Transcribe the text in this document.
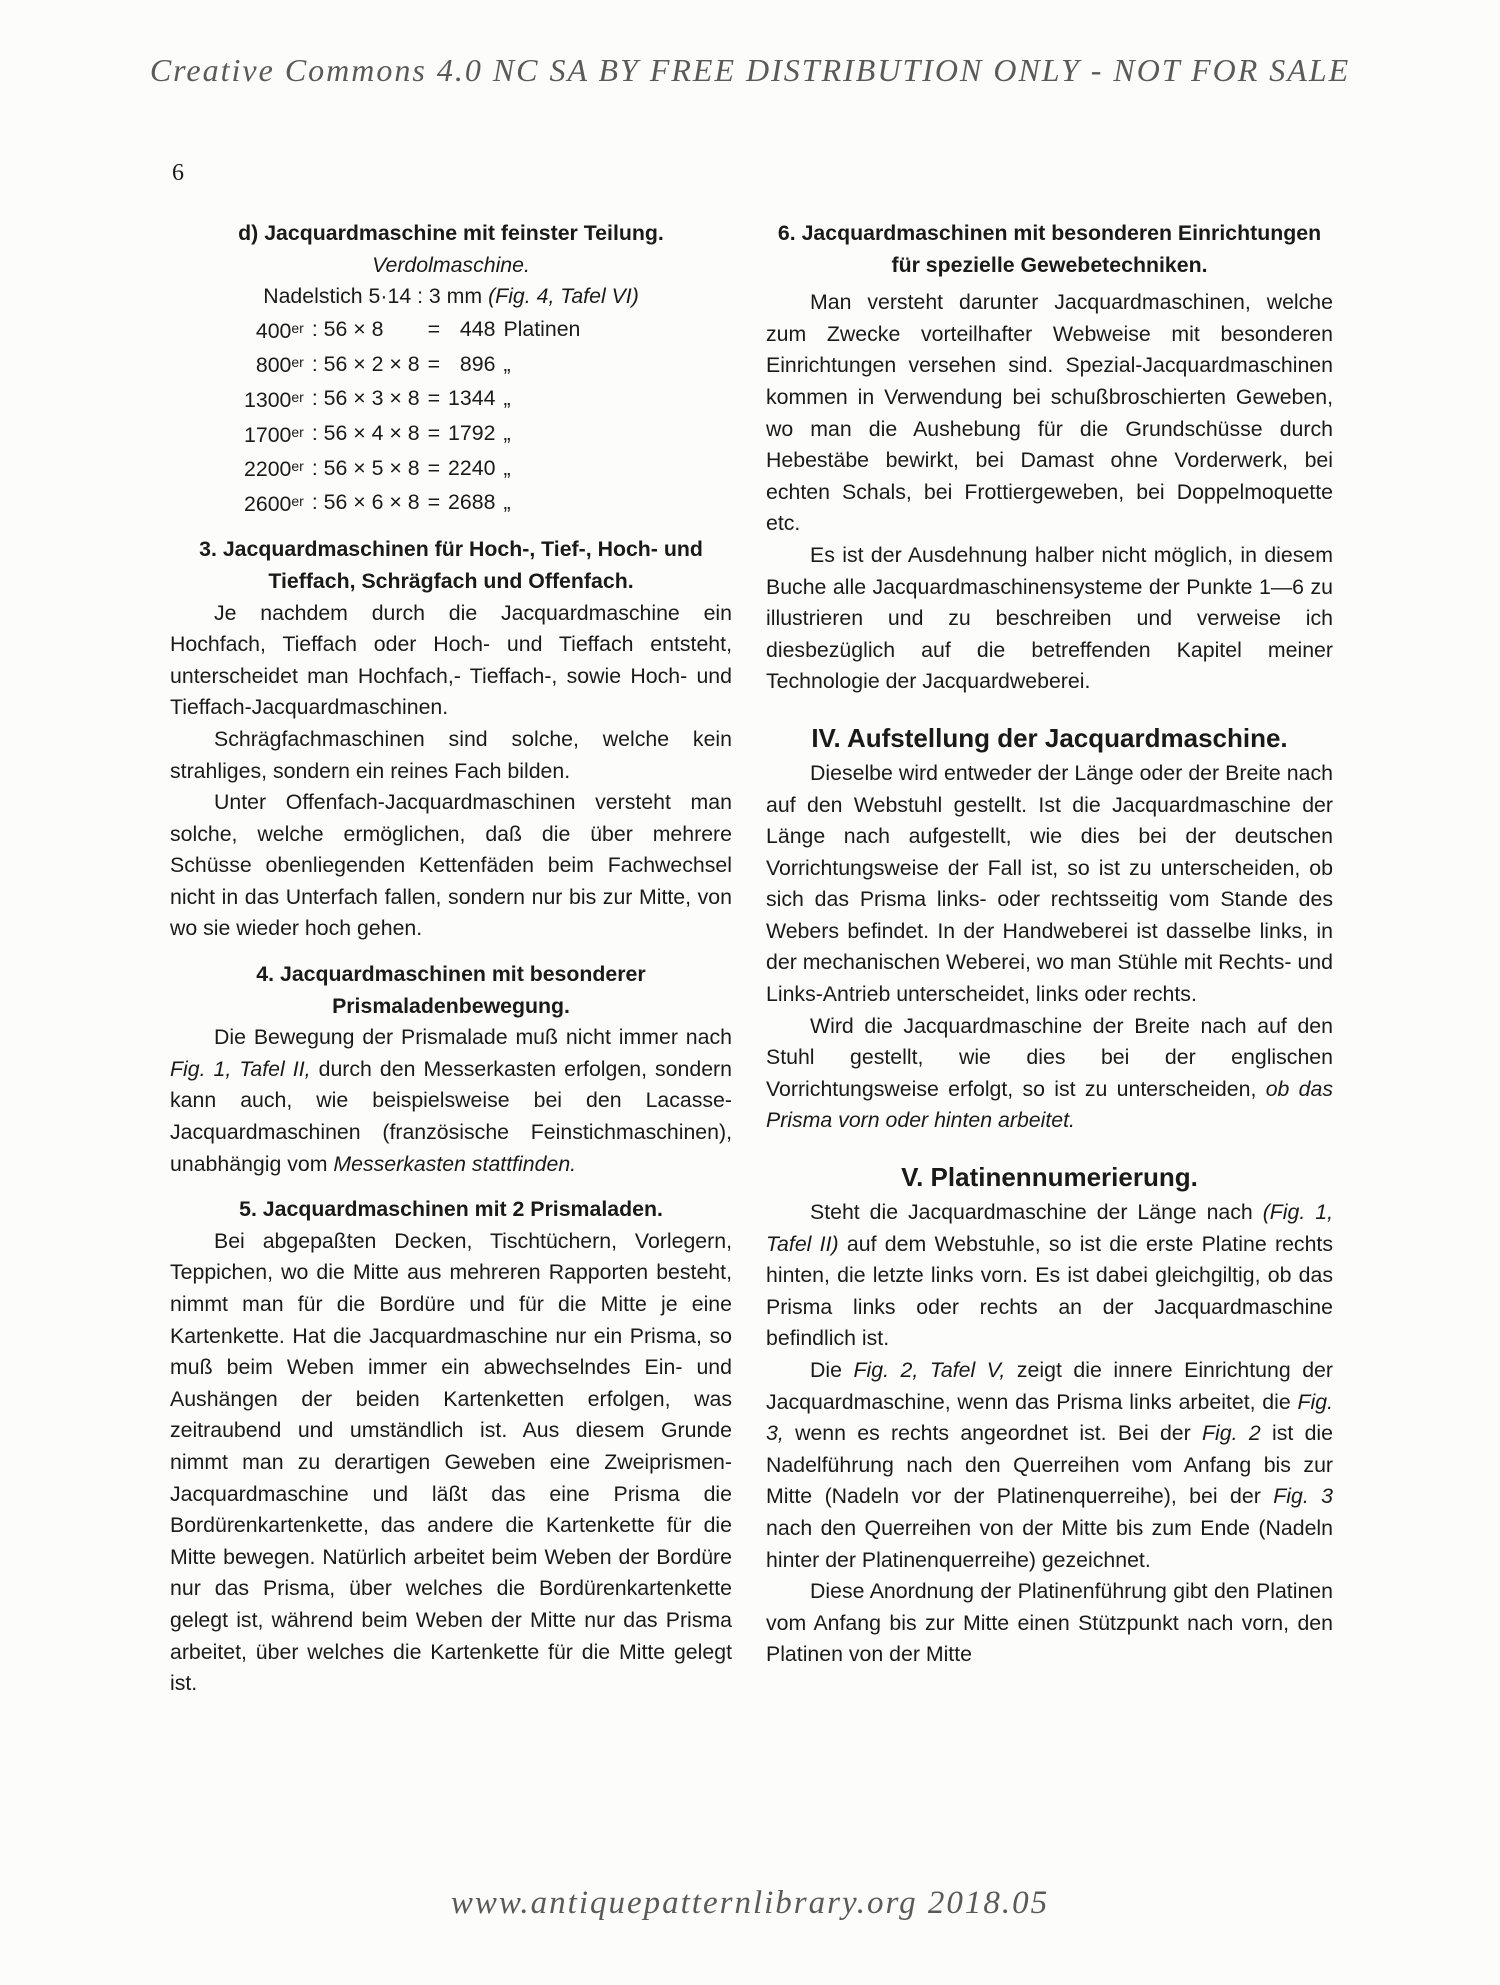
Creative Commons 4.0 NC SA BY FREE DISTRIBUTION ONLY - NOT FOR SALE
6
d) Jacquardmaschine mit feinster Teilung.
Verdolmaschine.
Nadelstich 5·14 : 3 mm (Fig. 4, Tafel VI)
400er	: 56 × 8	=	448	Platinen
800er	: 56 × 2 × 8	=	896	„
1300er	: 56 × 3 × 8	=	1344	„
1700er	: 56 × 4 × 8	=	1792	„
2200er	: 56 × 5 × 8	=	2240	„
2600er	: 56 × 6 × 8	=	2688	„
3. Jacquardmaschinen für Hoch-, Tief-, Hoch- und Tieffach, Schrägfach und Offenfach.

Je nachdem durch die Jacquardmaschine ein Hochfach, Tieffach oder Hoch- und Tieffach entsteht, unterscheidet man Hochfach,- Tieffach-, sowie Hoch- und Tieffach-Jacquardmaschinen.

Schrägfachmaschinen sind solche, welche kein strahliges, sondern ein reines Fach bilden.

Unter Offenfach-Jacquardmaschinen versteht man solche, welche ermöglichen, daß die über mehrere Schüsse obenliegenden Kettenfäden beim Fachwechsel nicht in das Unterfach fallen, sondern nur bis zur Mitte, von wo sie wieder hoch gehen.

4. Jacquardmaschinen mit besonderer Prismaladenbewegung.

Die Bewegung der Prismalade muß nicht immer nach Fig. 1, Tafel II, durch den Messerkasten erfolgen, sondern kann auch, wie beispielsweise bei den Lacasse-Jacquardmaschinen (französische Feinstichmaschinen), unabhängig vom Messerkasten stattfinden.

5. Jacquardmaschinen mit 2 Prismaladen.

Bei abgepaßten Decken, Tischtüchern, Vorlegern, Teppichen, wo die Mitte aus mehreren Rapporten besteht, nimmt man für die Bordüre und für die Mitte je eine Kartenkette. Hat die Jacquardmaschine nur ein Prisma, so muß beim Weben immer ein abwechselndes Ein- und Aushängen der beiden Kartenketten erfolgen, was zeitraubend und umständlich ist. Aus diesem Grunde nimmt man zu derartigen Geweben eine Zweiprismen-Jacquardmaschine und läßt das eine Prisma die Bordürenkartenkette, das andere die Kartenkette für die Mitte bewegen. Natürlich arbeitet beim Weben der Bordüre nur das Prisma, über welches die Bordürenkartenkette gelegt ist, während beim Weben der Mitte nur das Prisma arbeitet, über welches die Kartenkette für die Mitte gelegt ist.

6. Jacquardmaschinen mit besonderen Einrichtungen für spezielle Gewebetechniken.

Man versteht darunter Jacquardmaschinen, welche zum Zwecke vorteilhafter Webweise mit besonderen Einrichtungen versehen sind. Spezial-Jacquardmaschinen kommen in Verwendung bei schußbroschierten Geweben, wo man die Aushebung für die Grundschüsse durch Hebestäbe bewirkt, bei Damast ohne Vorderwerk, bei echten Schals, bei Frottiergeweben, bei Doppelmoquette etc.

Es ist der Ausdehnung halber nicht möglich, in diesem Buche alle Jacquardmaschinensysteme der Punkte 1—6 zu illustrieren und zu beschreiben und verweise ich diesbezüglich auf die betreffenden Kapitel meiner Technologie der Jacquardweberei.

IV. Aufstellung der Jacquardmaschine.

Dieselbe wird entweder der Länge oder der Breite nach auf den Webstuhl gestellt. Ist die Jacquardmaschine der Länge nach aufgestellt, wie dies bei der deutschen Vorrichtungsweise der Fall ist, so ist zu unterscheiden, ob sich das Prisma links- oder rechtsseitig vom Stande des Webers befindet. In der Handweberei ist dasselbe links, in der mechanischen Weberei, wo man Stühle mit Rechts- und Links-Antrieb unterscheidet, links oder rechts.

Wird die Jacquardmaschine der Breite nach auf den Stuhl gestellt, wie dies bei der englischen Vorrichtungsweise erfolgt, so ist zu unterscheiden, ob das Prisma vorn oder hinten arbeitet.

V. Platinennumerierung.

Steht die Jacquardmaschine der Länge nach (Fig. 1, Tafel II) auf dem Webstuhle, so ist die erste Platine rechts hinten, die letzte links vorn. Es ist dabei gleichgiltig, ob das Prisma links oder rechts an der Jacquardmaschine befindlich ist.

Die Fig. 2, Tafel V, zeigt die innere Einrichtung der Jacquardmaschine, wenn das Prisma links arbeitet, die Fig. 3, wenn es rechts angeordnet ist. Bei der Fig. 2 ist die Nadelführung nach den Querreihen vom Anfang bis zur Mitte (Nadeln vor der Platinenquerreihe), bei der Fig. 3 nach den Querreihen von der Mitte bis zum Ende (Nadeln hinter der Platinenquerreihe) gezeichnet.

Diese Anordnung der Platinenführung gibt den Platinen vom Anfang bis zur Mitte einen Stützpunkt nach vorn, den Platinen von der Mitte

www.antiquepatternlibrary.org 2018.05
